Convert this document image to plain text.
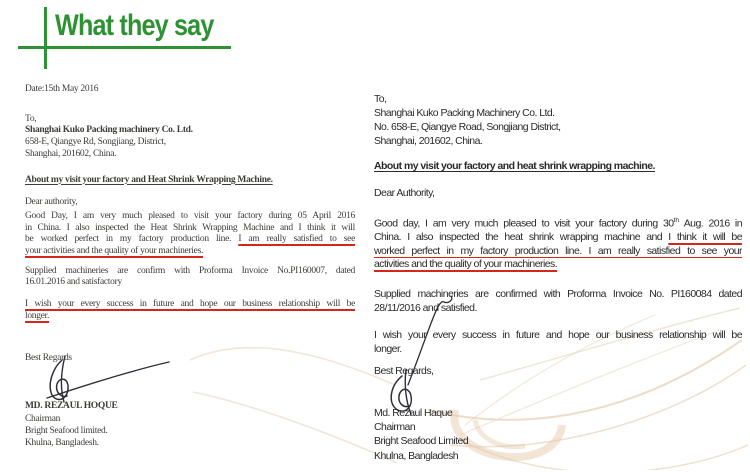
What they say
Date:15th May 2016
To,
Shanghai Kuko Packing machinery Co. Ltd.
658-E, Qiangye Rd, Songjiang, District,
Shanghai, 201602, China.
About my visit your factory and Heat Shrink Wrapping Machine.
Dear authority,
Good Day, I am very much pleased to visit your factory during 05 April 2016
in China. I also inspected the Heat Shrink Wrapping Machine and I think it will
be worked perfect in my factory production line. I am really satisfied to see
your activities and the quality of your machineries.
Supplied machineries are confirm with Proforma Invoice No.PI160007, dated
16.01.2016 and satisfactory
I wish your every success in future and hope our business relationship will be
longer.
Best Regards
MD. REZAUL HOQUE
Chairman
Bright Seafood limited.
Khulna, Bangladesh.
To,
Shanghai Kuko Packing Machinery Co. Ltd.
No. 658-E, Qiangye Road, Songjiang District,
Shanghai, 201602, China.
About my visit your factory and heat shrink wrapping machine.
Dear Authority,
Good day, I am very much pleased to visit your factory during 30th Aug. 2016 in
China. I also inspected the heat shrink wrapping machine and I think it will be
worked perfect in my factory production line. I am really satisfied to see your
activities and the quality of your machineries.
Supplied machineries are confirmed with Proforma Invoice No. PI160084 dated
28/11/2016 and satisfied.
I wish your every success in future and hope our business relationship will be
longer.
Best Regards,
Md. Rezaul Haque
Chairman
Bright Seafood Limited
Khulna, Bangladesh
